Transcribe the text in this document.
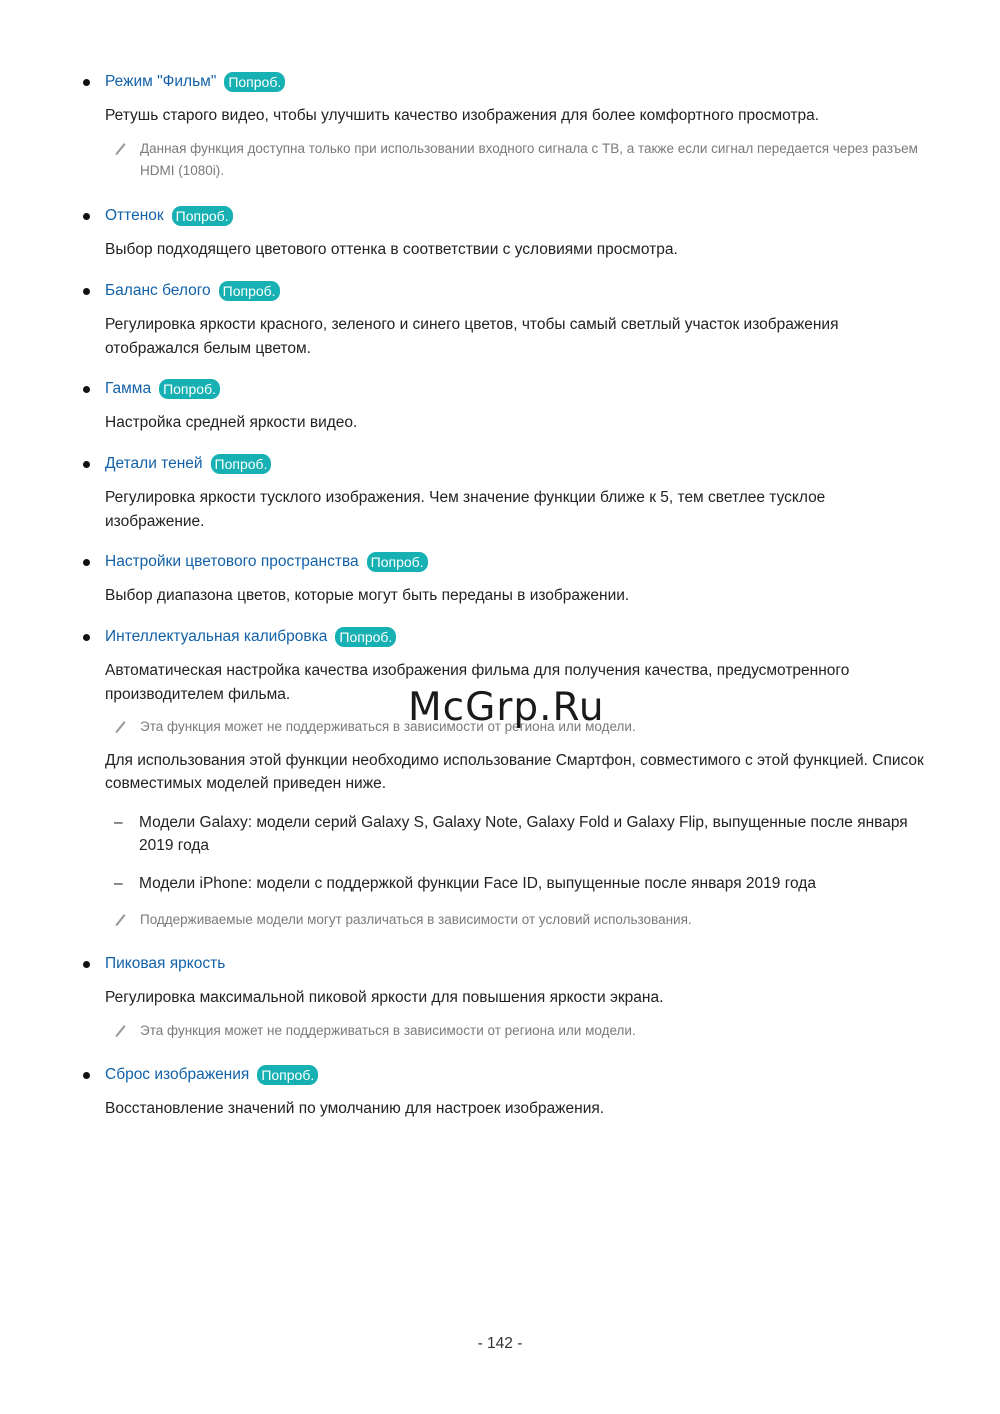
Режим "Фильм" Попроб.
Ретушь старого видео, чтобы улучшить качество изображения для более комфортного просмотра.
Данная функция доступна только при использовании входного сигнала с ТВ, а также если сигнал передается через разъем HDMI (1080i).
Оттенок Попроб.
Выбор подходящего цветового оттенка в соответствии с условиями просмотра.
Баланс белого Попроб.
Регулировка яркости красного, зеленого и синего цветов, чтобы самый светлый участок изображения отображался белым цветом.
Гамма Попроб.
Настройка средней яркости видео.
Детали теней Попроб.
Регулировка яркости тусклого изображения. Чем значение функции ближе к 5, тем светлее тусклое изображение.
Настройки цветового пространства Попроб.
Выбор диапазона цветов, которые могут быть переданы в изображении.
Интеллектуальная калибровка Попроб.
Автоматическая настройка качества изображения фильма для получения качества, предусмотренного производителем фильма.
Эта функция может не поддерживаться в зависимости от региона или модели.
Для использования этой функции необходимо использование Смартфон, совместимого с этой функцией. Список совместимых моделей приведен ниже.
– Модели Galaxy: модели серий Galaxy S, Galaxy Note, Galaxy Fold и Galaxy Flip, выпущенные после января 2019 года
– Модели iPhone: модели с поддержкой функции Face ID, выпущенные после января 2019 года
Поддерживаемые модели могут различаться в зависимости от условий использования.
Пиковая яркость
Регулировка максимальной пиковой яркости для повышения яркости экрана.
Эта функция может не поддерживаться в зависимости от региона или модели.
Сброс изображения Попроб.
Восстановление значений по умолчанию для настроек изображения.
McGrp.Ru
- 142 -
